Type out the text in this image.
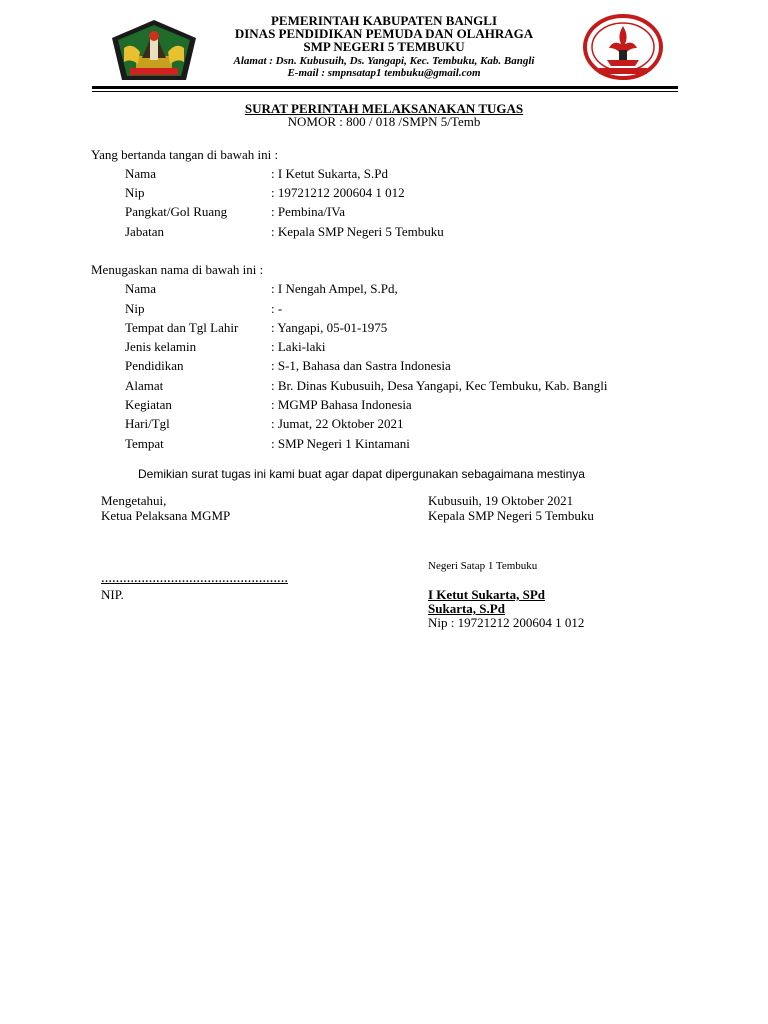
PEMERINTAH KABUPATEN BANGLI
DINAS PENDIDIKAN PEMUDA DAN OLAHRAGA
SMP NEGERI 5 TEMBUKU
Alamat : Dsn. Kubusuih, Ds. Yangapi, Kec. Tembuku, Kab. Bangli
E-mail : smpnsatap1 tembuku@gmail.com
SURAT PERINTAH MELAKSANAKAN TUGAS
NOMOR : 800 / 018 /SMPN 5/Temb
Yang bertanda tangan di bawah ini :
Nama	: I Ketut Sukarta, S.Pd
Nip	: 19721212 200604 1 012
Pangkat/Gol Ruang	: Pembina/IVa
Jabatan	: Kepala SMP Negeri 5 Tembuku
Menugaskan nama di bawah ini :
Nama	: I Nengah Ampel, S.Pd,
Nip	: -
Tempat dan Tgl Lahir	: Yangapi, 05-01-1975
Jenis kelamin	: Laki-laki
Pendidikan	: S-1, Bahasa dan Sastra Indonesia
Alamat	: Br. Dinas Kubusuih, Desa Yangapi, Kec Tembuku, Kab. Bangli
Kegiatan	: MGMP Bahasa Indonesia
Hari/Tgl	: Jumat, 22 Oktober 2021
Tempat	: SMP Negeri 1 Kintamani
Demikian surat tugas ini kami buat agar dapat dipergunakan sebagaimana mestinya
Mengetahui,
Ketua Pelaksana MGMP
……………………………………………
NIP.
Kubusuih, 19 Oktober 2021
Kepala SMP Negeri 5 Tembuku
Negeri Satap 1 Tembuku
I Ketut Sukarta, SPd
Sukarta, S.Pd
Nip : 19721212 200604 1 012
